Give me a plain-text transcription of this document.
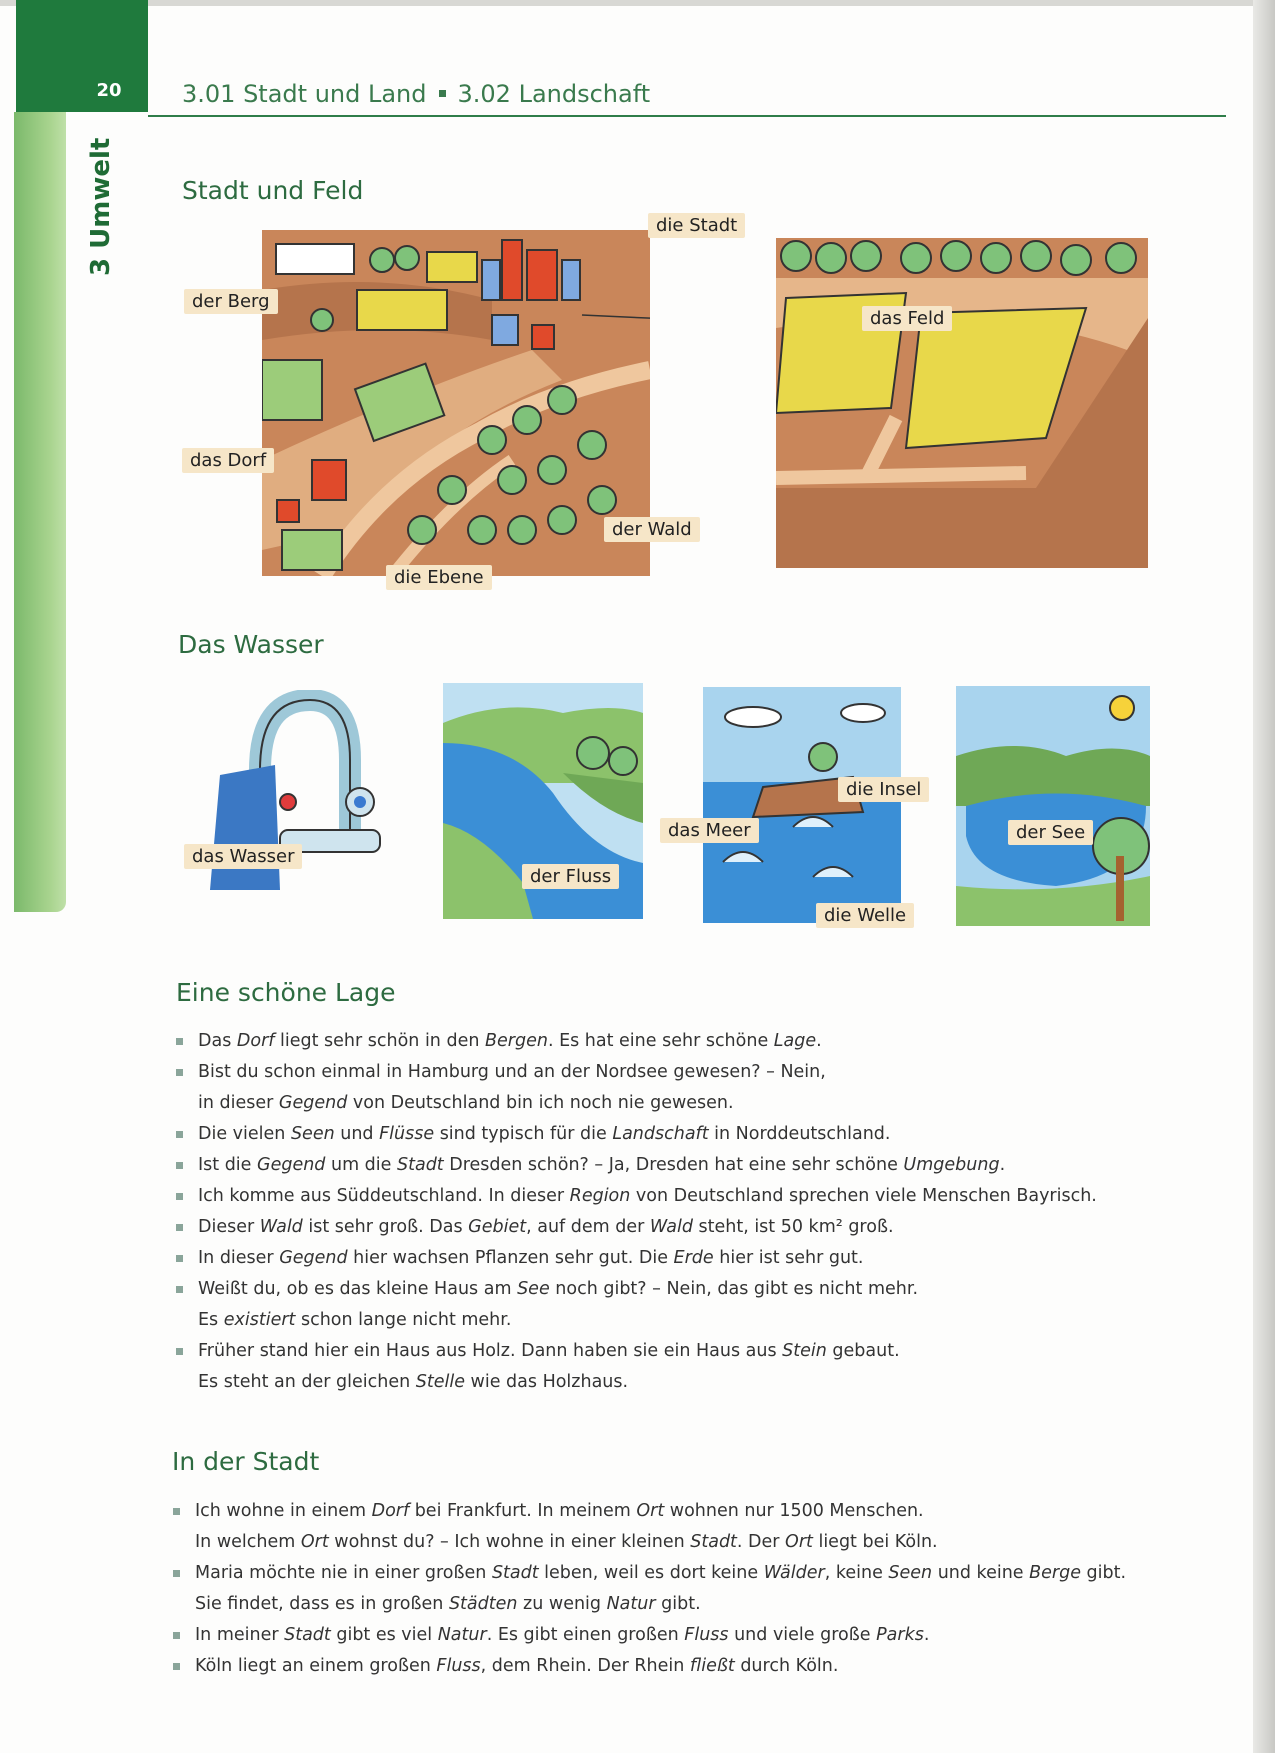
20	3.01 Stadt und Land 3.02 Landschaft
3 Umwelt	Stadt und Feld
die Stadt
der Berg
das Dorf
der Wald
die Ebene
das Feld
Das Wasser
das Wasser
der Fluss
das Meer
die Insel
die Welle
der See
Eine schöne Lage
Das Dorf liegt sehr schön in den Bergen. Es hat eine sehr schöne Lage.
Bist du schon einmal in Hamburg und an der Nordsee gewesen? – Nein,
in dieser Gegend von Deutschland bin ich noch nie gewesen.
Die vielen Seen und Flüsse sind typisch für die Landschaft in Norddeutschland.
Ist die Gegend um die Stadt Dresden schön? – Ja, Dresden hat eine sehr schöne Umgebung.
Ich komme aus Süddeutschland. In dieser Region von Deutschland sprechen viele Menschen Bayrisch.
Dieser Wald ist sehr groß. Das Gebiet, auf dem der Wald steht, ist 50 km² groß.
In dieser Gegend hier wachsen Pflanzen sehr gut. Die Erde hier ist sehr gut.
Weißt du, ob es das kleine Haus am See noch gibt? – Nein, das gibt es nicht mehr.
Es existiert schon lange nicht mehr.
Früher stand hier ein Haus aus Holz. Dann haben sie ein Haus aus Stein gebaut.
Es steht an der gleichen Stelle wie das Holzhaus.
In der Stadt
Ich wohne in einem Dorf bei Frankfurt. In meinem Ort wohnen nur 1500 Menschen.
In welchem Ort wohnst du? – Ich wohne in einer kleinen Stadt. Der Ort liegt bei Köln.
Maria möchte nie in einer großen Stadt leben, weil es dort keine Wälder, keine Seen und keine Berge gibt.
Sie findet, dass es in großen Städten zu wenig Natur gibt.
In meiner Stadt gibt es viel Natur. Es gibt einen großen Fluss und viele große Parks.
Köln liegt an einem großen Fluss, dem Rhein. Der Rhein fließt durch Köln.
